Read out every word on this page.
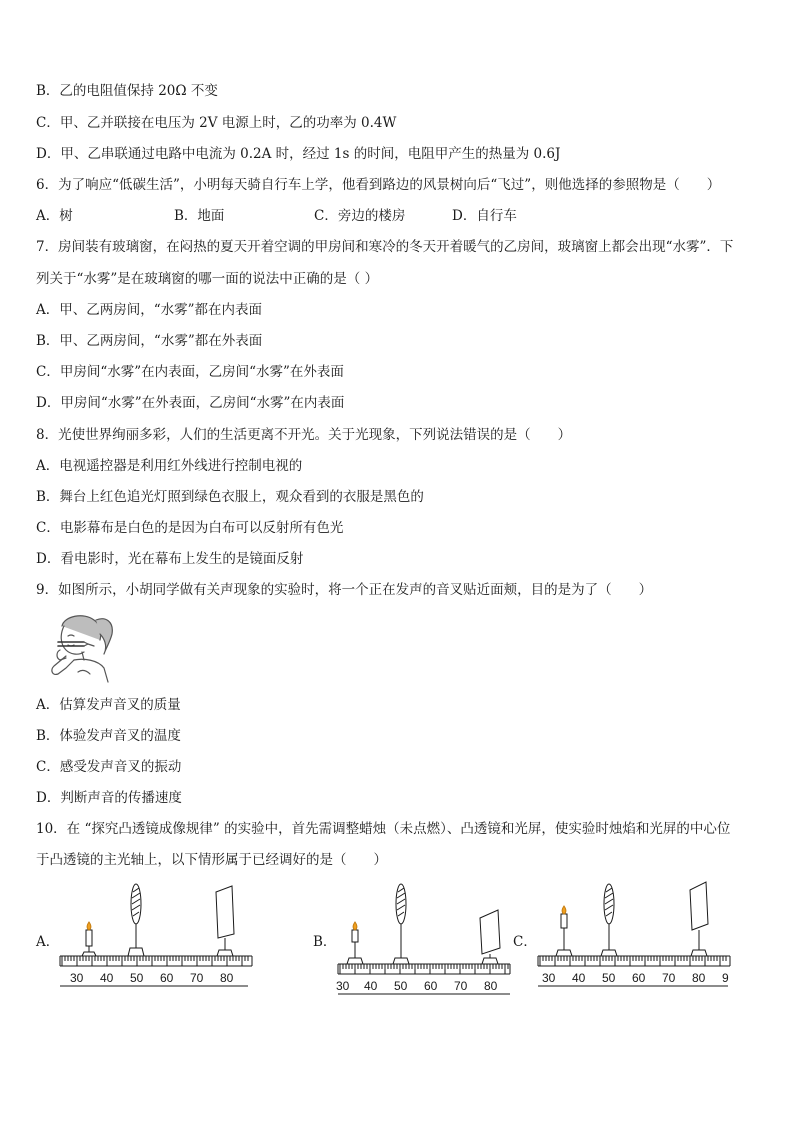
B．乙的电阻值保持 20Ω 不变
C．甲、乙并联接在电压为 2V 电源上时，乙的功率为 0.4W
D．甲、乙串联通过电路中电流为 0.2A 时，经过 1s 的时间，电阻甲产生的热量为 0.6J
6．为了响应“低碳生活”，小明每天骑自行车上学，他看到路边的风景树向后“飞过”，则他选择的参照物是（　　）
A．树	B．地面	C．旁边的楼房	D．自行车
7．房间装有玻璃窗，在闷热的夏天开着空调的甲房间和寒冷的冬天开着暖气的乙房间，玻璃窗上都会出现“水雾”．下
列关于“水雾”是在玻璃窗的哪一面的说法中正确的是（ ）
A．甲、乙两房间，“水雾”都在内表面
B．甲、乙两房间，“水雾”都在外表面
C．甲房间“水雾”在内表面，乙房间“水雾”在外表面
D．甲房间“水雾”在外表面，乙房间“水雾”在内表面
8．光使世界绚丽多彩，人们的生活更离不开光。关于光现象，下列说法错误的是（　　）
A．电视遥控器是利用红外线进行控制电视的
B．舞台上红色追光灯照到绿色衣服上，观众看到的衣服是黑色的
C．电影幕布是白色的是因为白布可以反射所有色光
D．看电影时，光在幕布上发生的是镜面反射
9．如图所示，小胡同学做有关声现象的实验时，将一个正在发声的音叉贴近面颊，目的是为了（　　）
A．估算发声音叉的质量
B．体验发声音叉的温度
C．感受发声音叉的振动
D．判断声音的传播速度
10．在 “探究凸透镜成像规律” 的实验中，首先需调整蜡烛（未点燃）、凸透镜和光屏，使实验时烛焰和光屏的中心位
于凸透镜的主光轴上，以下情形属于已经调好的是（　　）
A．
30 40 50 60 70 80
B．
30 40 50 60 70 80
C．
30 40 50 60 70 80 9
